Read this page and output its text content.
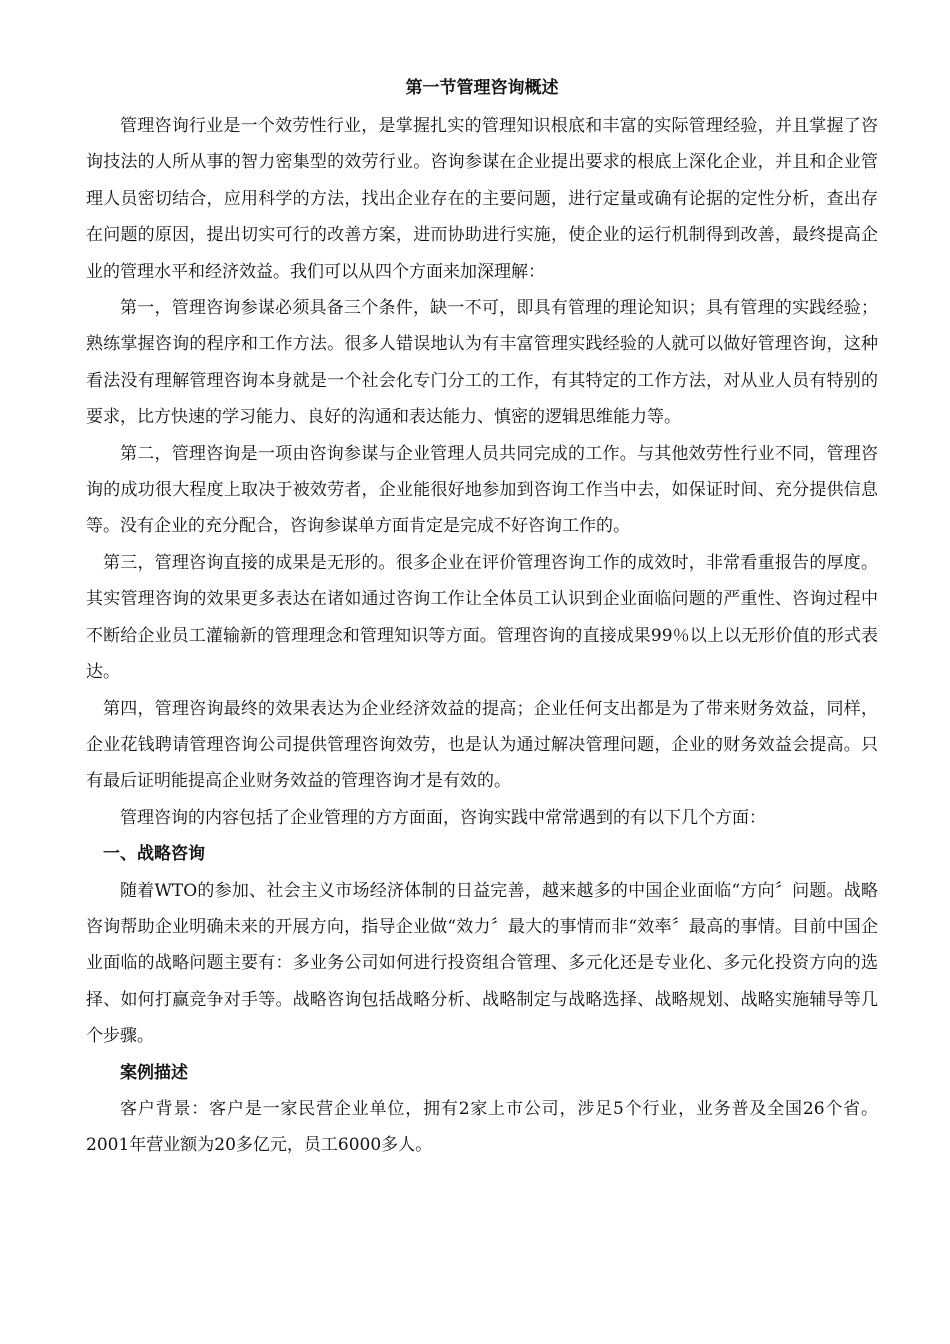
第一节管理咨询概述

管理咨询行业是一个效劳性行业，是掌握扎实的管理知识根底和丰富的实际管理经验，并且掌握了咨询技法的人所从事的智力密集型的效劳行业。咨询参谋在企业提出要求的根底上深化企业，并且和企业管理人员密切结合，应用科学的方法，找出企业存在的主要问题，进行定量或确有论据的定性分析，查出存在问题的原因，提出切实可行的改善方案，进而协助进行实施，使企业的运行机制得到改善，最终提高企业的管理水平和经济效益。我们可以从四个方面来加深理解：

第一，管理咨询参谋必须具备三个条件，缺一不可，即具有管理的理论知识；具有管理的实践经验；熟练掌握咨询的程序和工作方法。很多人错误地认为有丰富管理实践经验的人就可以做好管理咨询，这种看法没有理解管理咨询本身就是一个社会化专门分工的工作，有其特定的工作方法，对从业人员有特别的要求，比方快速的学习能力、良好的沟通和表达能力、慎密的逻辑思维能力等。

第二，管理咨询是一项由咨询参谋与企业管理人员共同完成的工作。与其他效劳性行业不同，管理咨询的成功很大程度上取决于被效劳者，企业能很好地参加到咨询工作当中去，如保证时间、充分提供信息等。没有企业的充分配合，咨询参谋单方面肯定是完成不好咨询工作的。

第三，管理咨询直接的成果是无形的。很多企业在评价管理咨询工作的成效时，非常看重报告的厚度。其实管理咨询的效果更多表达在诸如通过咨询工作让全体员工认识到企业面临问题的严重性、咨询过程中不断给企业员工灌输新的管理理念和管理知识等方面。管理咨询的直接成果99％以上以无形价值的形式表达。

第四，管理咨询最终的效果表达为企业经济效益的提高；企业任何支出都是为了带来财务效益，同样，企业花钱聘请管理咨询公司提供管理咨询效劳，也是认为通过解决管理问题，企业的财务效益会提高。只有最后证明能提高企业财务效益的管理咨询才是有效的。

管理咨询的内容包括了企业管理的方方面面，咨询实践中常常遇到的有以下几个方面：

一、战略咨询

随着WTO的参加、社会主义市场经济体制的日益完善，越来越多的中国企业面临“方向〞问题。战略咨询帮助企业明确未来的开展方向，指导企业做“效力〞最大的事情而非“效率〞最高的事情。目前中国企业面临的战略问题主要有：多业务公司如何进行投资组合管理、多元化还是专业化、多元化投资方向的选择、如何打赢竞争对手等。战略咨询包括战略分析、战略制定与战略选择、战略规划、战略实施辅导等几个步骤。

案例描述

客户背景：客户是一家民营企业单位，拥有2家上市公司，涉足5个行业，业务普及全国26个省。2001年营业额为20多亿元，员工6000多人。
